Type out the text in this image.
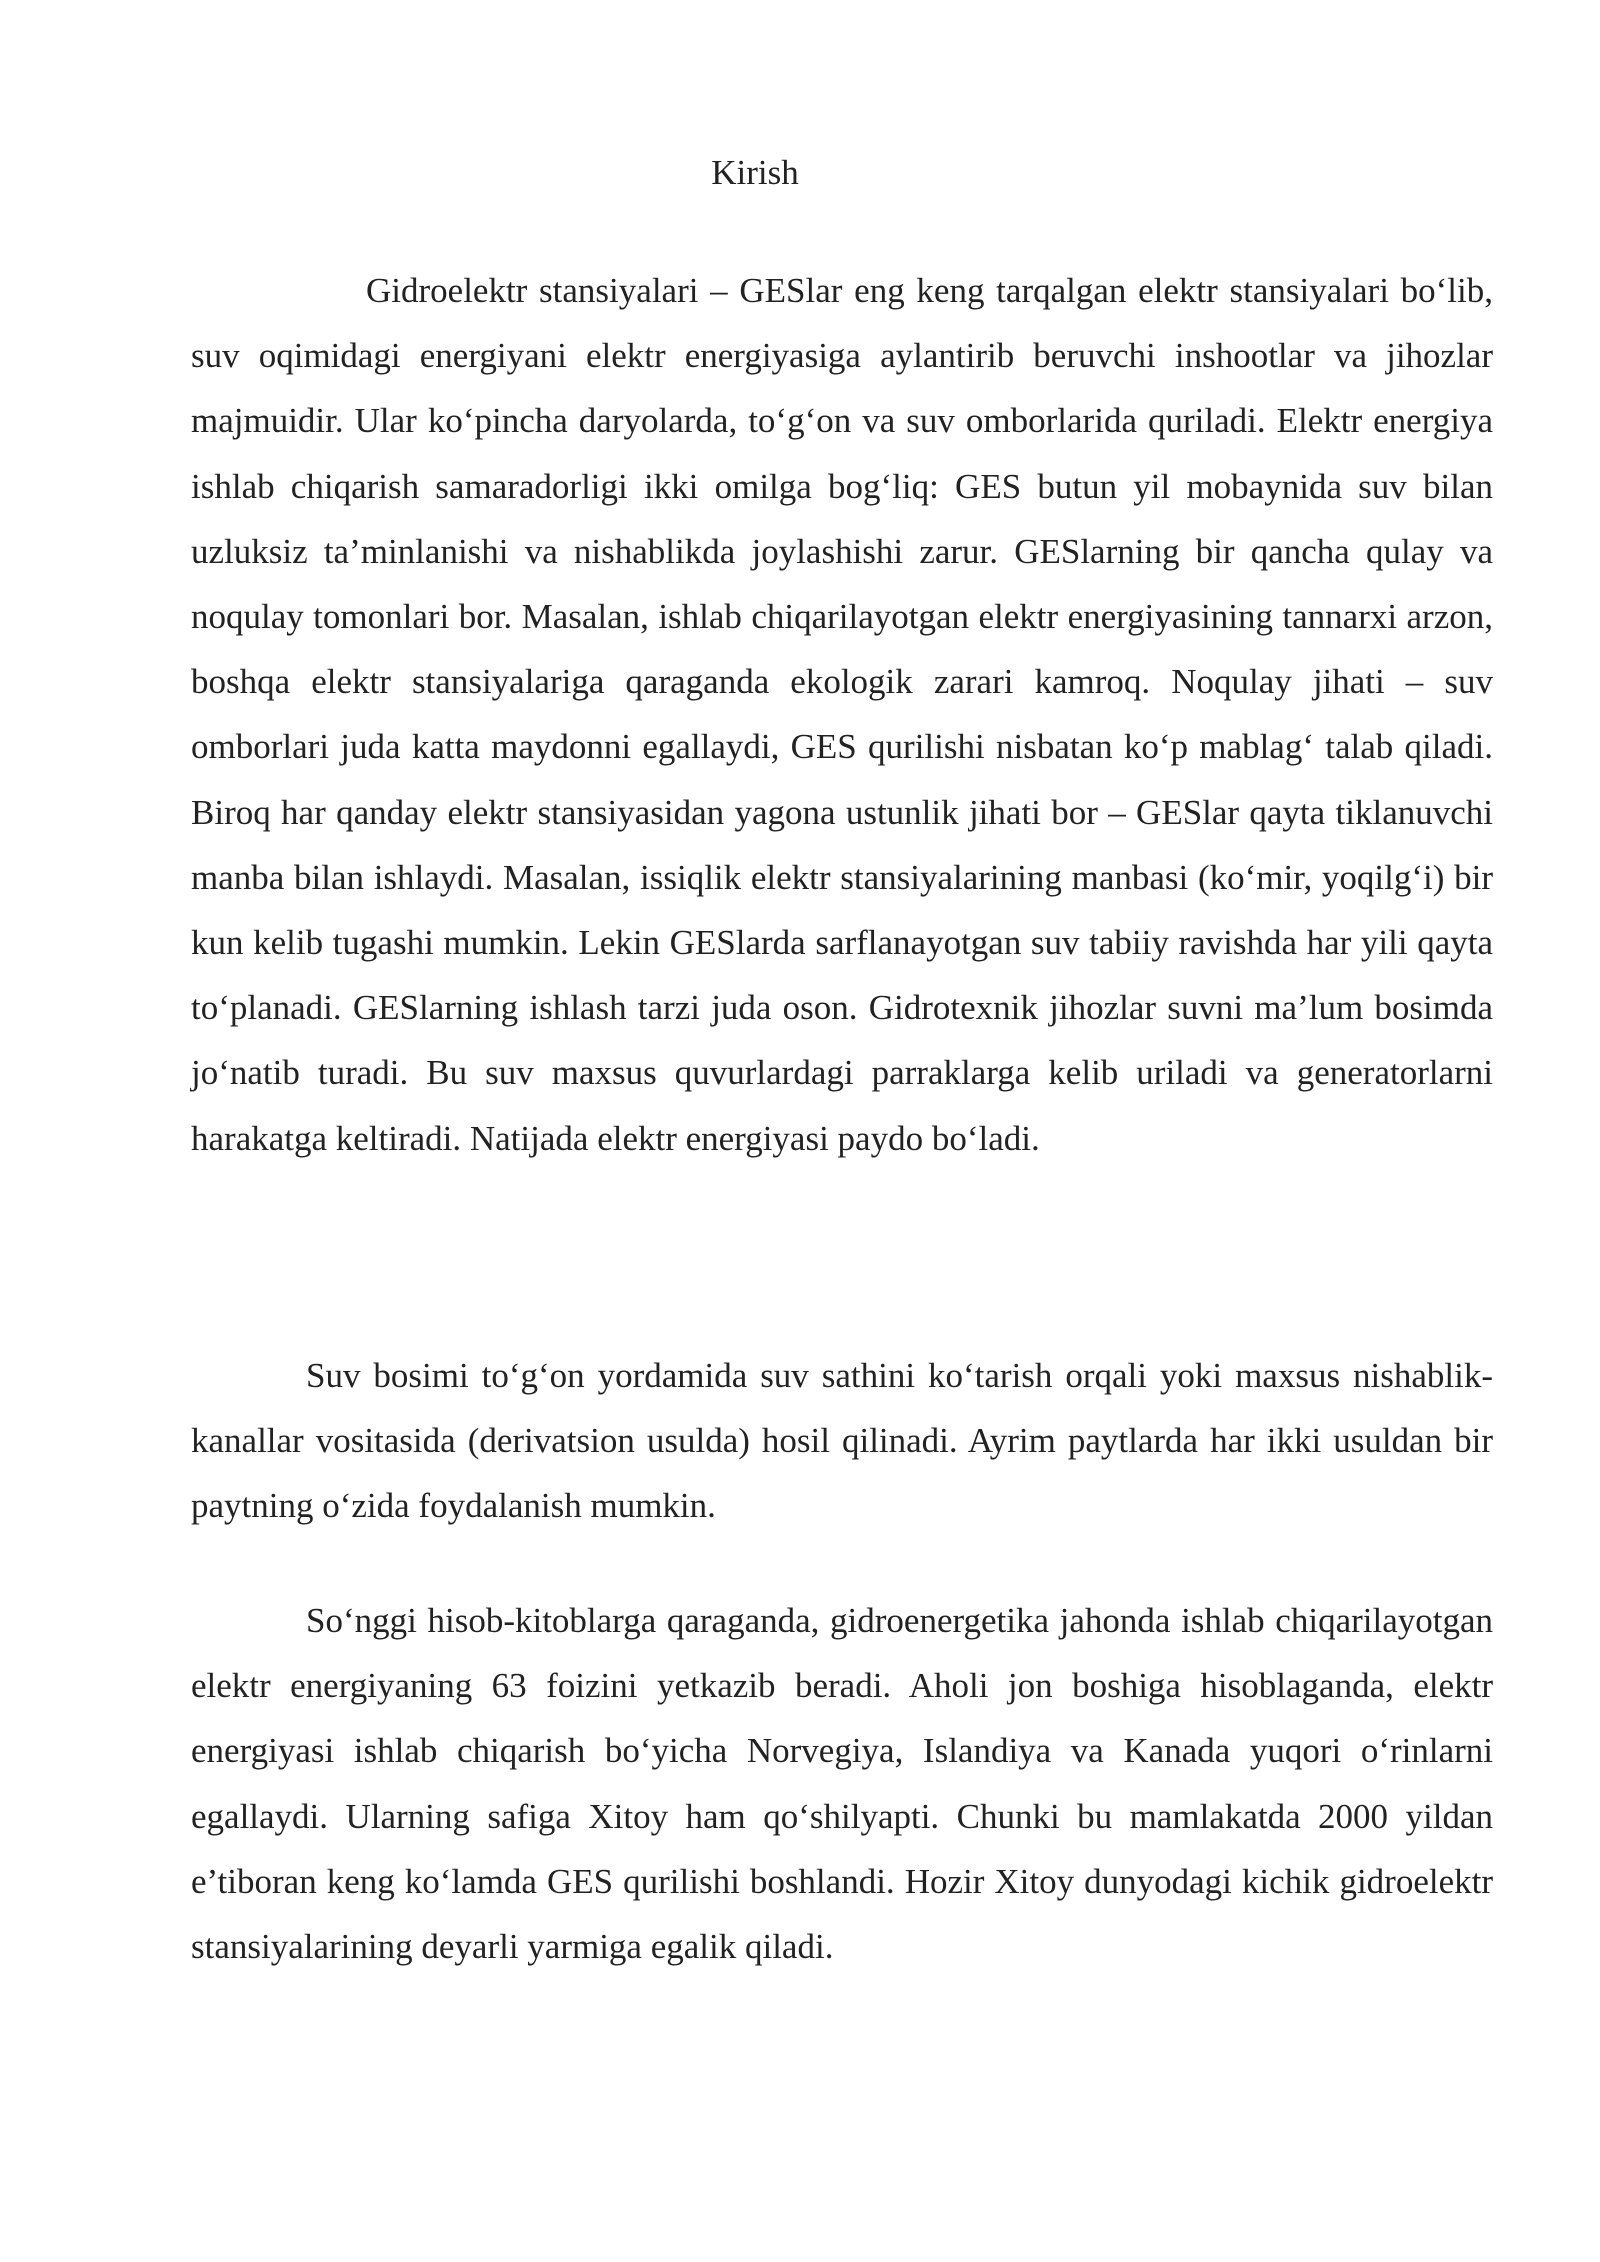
Kirish

Gidroelektr stansiyalari – GESlar eng keng tarqalgan elektr stansiyalari bo‘lib, suv oqimidagi energiyani elektr energiyasiga aylantirib beruvchi inshootlar va jihozlar majmuidir. Ular ko‘pincha daryolarda, to‘g‘on va suv omborlarida quriladi. Elektr energiya ishlab chiqarish samaradorligi ikki omilga bog‘liq: GES butun yil mobaynida suv bilan uzluksiz ta’minlanishi va nishablikda joylashishi zarur. GESlarning bir qancha qulay va noqulay tomonlari bor. Masalan, ishlab chiqarilayotgan elektr energiyasining tannarxi arzon, boshqa elektr stansiyalariga qaraganda ekologik zarari kamroq. Noqulay jihati – suv omborlari juda katta maydonni egallaydi, GES qurilishi nisbatan ko‘p mablag‘ talab qiladi. Biroq har qanday elektr stansiyasidan yagona ustunlik jihati bor – GESlar qayta tiklanuvchi manba bilan ishlaydi. Masalan, issiqlik elektr stansiyalarining manbasi (ko‘mir, yoqilg‘i) bir kun kelib tugashi mumkin. Lekin GESlarda sarflanayotgan suv tabiiy ravishda har yili qayta to‘planadi. GESlarning ishlash tarzi juda oson. Gidrotexnik jihozlar suvni ma’lum bosimda jo‘natib turadi. Bu suv maxsus quvurlardagi parraklarga kelib uriladi va generatorlarni harakatga keltiradi. Natijada elektr energiyasi paydo bo‘ladi.

Suv bosimi to‘g‘on yordamida suv sathini ko‘tarish orqali yoki maxsus nishablik-kanallar vositasida (derivatsion usulda) hosil qilinadi. Ayrim paytlarda har ikki usuldan bir paytning o‘zida foydalanish mumkin.

So‘nggi hisob-kitoblarga qaraganda, gidroenergetika jahonda ishlab chiqarilayotgan elektr energiyaning 63 foizini yetkazib beradi. Aholi jon boshiga hisoblaganda, elektr energiyasi ishlab chiqarish bo‘yicha Norvegiya, Islandiya va Kanada yuqori o‘rinlarni egallaydi. Ularning safiga Xitoy ham qo‘shilyapti. Chunki bu mamlakatda 2000 yildan e’tiboran keng ko‘lamda GES qurilishi boshlandi. Hozir Xitoy dunyodagi kichik gidroelektr stansiyalarining deyarli yarmiga egalik qiladi.
